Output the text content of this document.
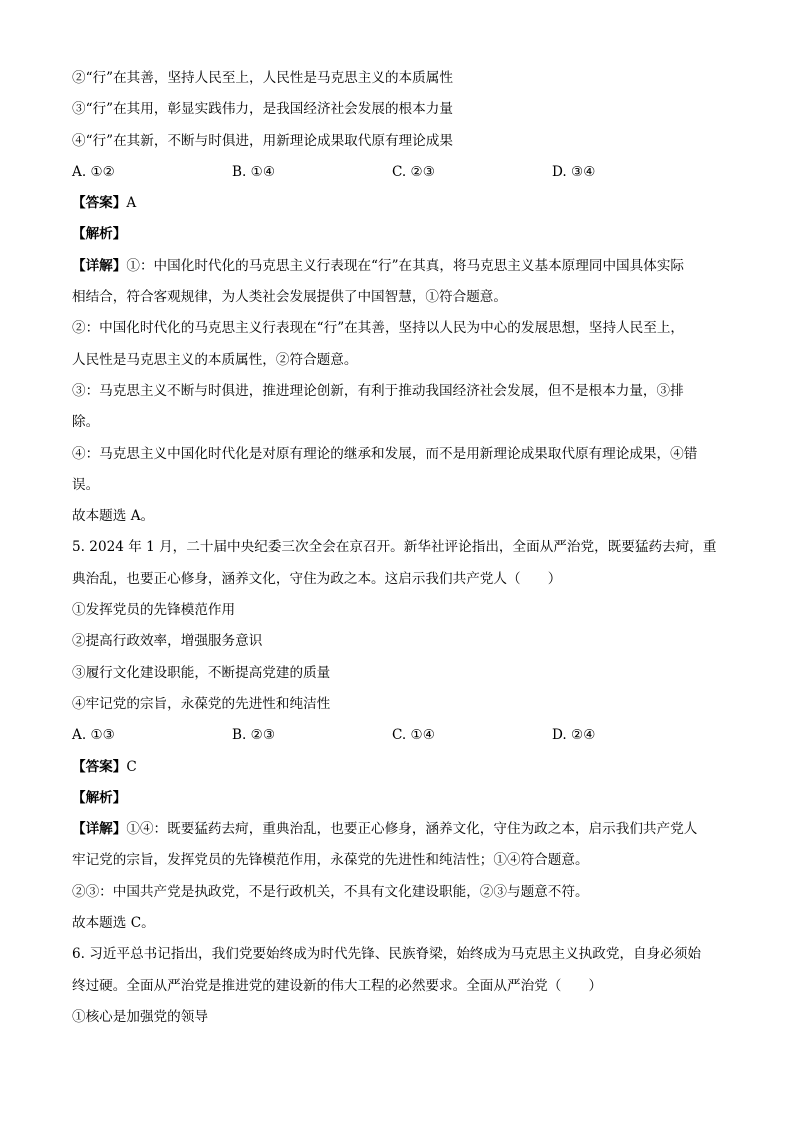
②“行”在其善，坚持人民至上，人民性是马克思主义的本质属性
③“行”在其用，彰显实践伟力，是我国经济社会发展的根本力量
④“行”在其新，不断与时俱进，用新理论成果取代原有理论成果
A. ①②	B. ①④	C. ②③	D. ③④
【答案】A
【解析】
【详解】①：中国化时代化的马克思主义行表现在“行”在其真，将马克思主义基本原理同中国具体实际
相结合，符合客观规律，为人类社会发展提供了中国智慧，①符合题意。
②：中国化时代化的马克思主义行表现在“行”在其善，坚持以人民为中心的发展思想，坚持人民至上，
人民性是马克思主义的本质属性，②符合题意。
③：马克思主义不断与时俱进，推进理论创新，有利于推动我国经济社会发展，但不是根本力量，③排
除。
④：马克思主义中国化时代化是对原有理论的继承和发展，而不是用新理论成果取代原有理论成果，④错
误。
故本题选 A。
5. 2024 年 1 月，二十届中央纪委三次全会在京召开。新华社评论指出，全面从严治党，既要猛药去疴，重
典治乱，也要正心修身，涵养文化，守住为政之本。这启示我们共产党人（　　）
①发挥党员的先锋模范作用
②提高行政效率，增强服务意识
③履行文化建设职能，不断提高党建的质量
④牢记党的宗旨，永葆党的先进性和纯洁性
A. ①③	B. ②③	C. ①④	D. ②④
【答案】C
【解析】
【详解】①④：既要猛药去疴，重典治乱，也要正心修身，涵养文化，守住为政之本，启示我们共产党人
牢记党的宗旨，发挥党员的先锋模范作用，永葆党的先进性和纯洁性；①④符合题意。
②③：中国共产党是执政党，不是行政机关，不具有文化建设职能，②③与题意不符。
故本题选 C。
6. 习近平总书记指出，我们党要始终成为时代先锋、民族脊梁，始终成为马克思主义执政党，自身必须始
终过硬。全面从严治党是推进党的建设新的伟大工程的必然要求。全面从严治党（　　）
①核心是加强党的领导
